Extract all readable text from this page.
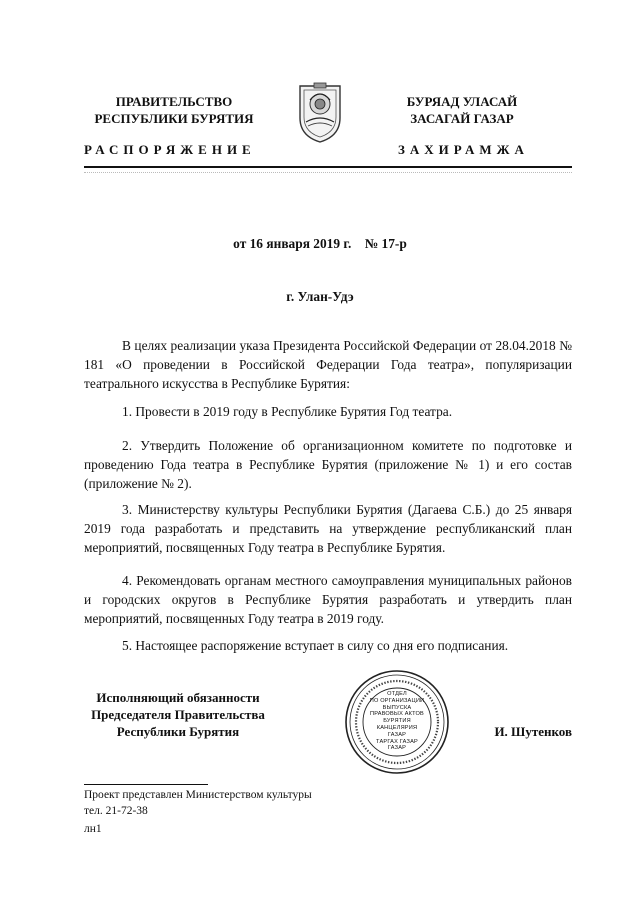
ПРАВИТЕЛЬСТВО
РЕСПУБЛИКИ БУРЯТИЯ
БУРЯАД УЛАСАЙ
ЗАСАГАЙ ГАЗАР
РАСПОРЯЖЕНИЕ	ЗАХИРАМЖА
от 16 января 2019 г.    № 17-р
г. Улан-Удэ
В целях реализации указа Президента Российской Федерации от 28.04.2018 № 181 «О проведении в Российской Федерации Года театра», популяризации театрального искусства в Республике Бурятия:
1. Провести в 2019 году в Республике Бурятия Год театра.
2. Утвердить Положение об организационном комитете по подготовке и проведению Года театра в Республике Бурятия (приложение № 1) и его состав (приложение № 2).
3. Министерству культуры Республики Бурятия (Дагаева С.Б.) до 25 января 2019 года разработать и представить на утверждение республиканский план мероприятий, посвященных Году театра в Республике Бурятия.
4. Рекомендовать органам местного самоуправления муниципальных районов и городских округов в Республике Бурятия разработать и утвердить план мероприятий, посвященных Году театра в 2019 году.
5. Настоящее распоряжение вступает в силу со дня его подписания.
Исполняющий обязанности
Председателя Правительства
Республики Бурятия
ОТДЕЛ
ПО ОРГАНИЗАЦИИ
ВЫПУСКА
ПРАВОВЫХ АКТОВ
БУРЯТИЯ
КАНЦЕЛЯРИЯ
ГАЗАР
ТАРГАХ ГАЗАР
ГАЗАР
И. Шутенков
Проект представлен Министерством культуры
тел. 21-72-38
лн1
